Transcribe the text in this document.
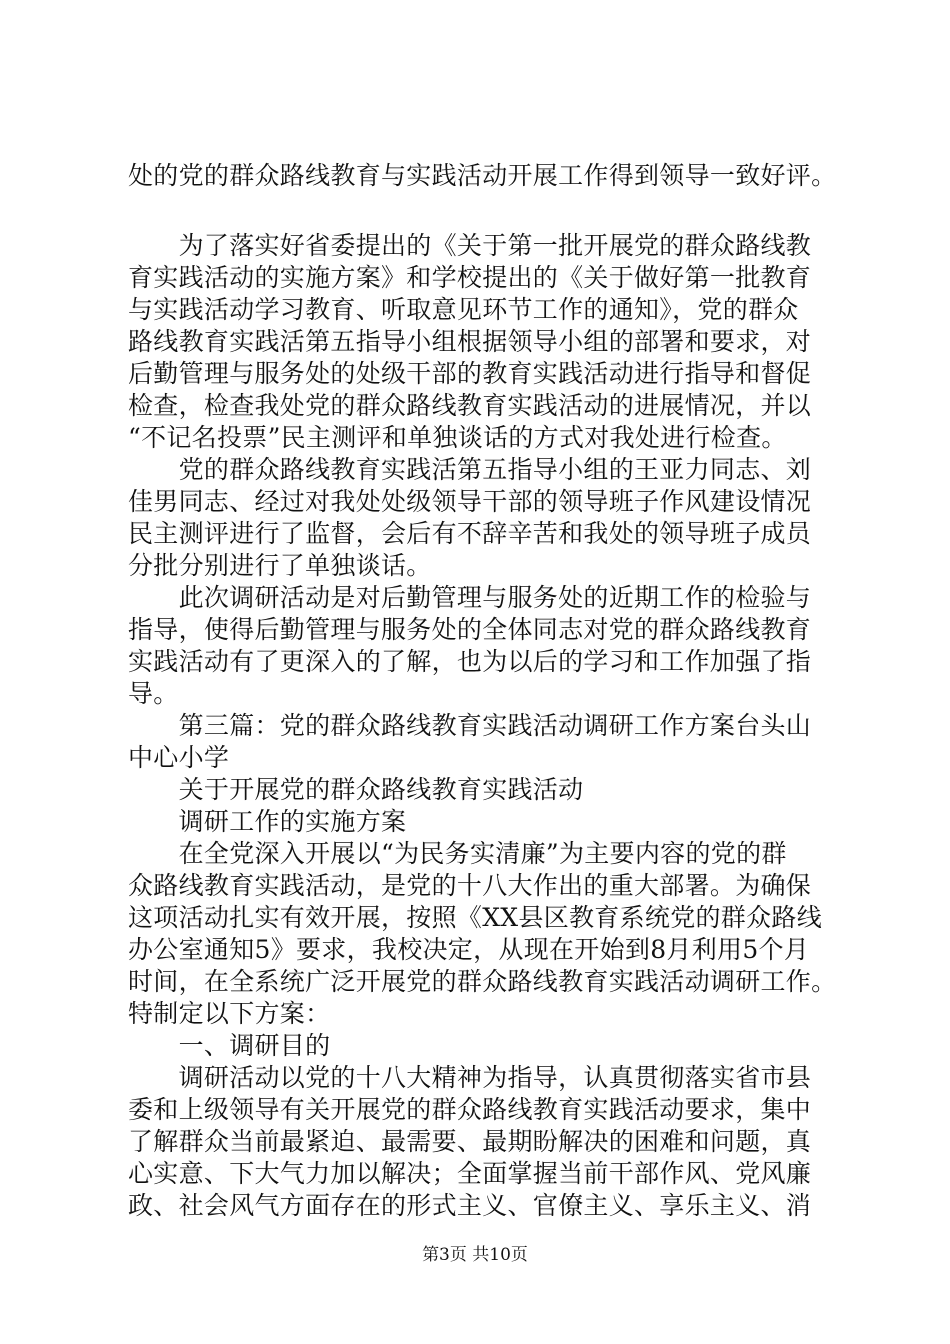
处的党的群众路线教育与实践活动开展工作得到领导一致好评。
　　为了落实好省委提出的《关于第一批开展党的群众路线教
育实践活动的实施方案》和学校提出的《关于做好第一批教育
与实践活动学习教育、听取意见环节工作的通知》，党的群众
路线教育实践活第五指导小组根据领导小组的部署和要求，对
后勤管理与服务处的处级干部的教育实践活动进行指导和督促
检查，检查我处党的群众路线教育实践活动的进展情况，并以
“不记名投票”民主测评和单独谈话的方式对我处进行检查。
　　党的群众路线教育实践活第五指导小组的王亚力同志、刘
佳男同志、经过对我处处级领导干部的领导班子作风建设情况
民主测评进行了监督，会后有不辞辛苦和我处的领导班子成员
分批分别进行了单独谈话。
　　此次调研活动是对后勤管理与服务处的近期工作的检验与
指导，使得后勤管理与服务处的全体同志对党的群众路线教育
实践活动有了更深入的了解，也为以后的学习和工作加强了指
导。
　　第三篇：党的群众路线教育实践活动调研工作方案台头山
中心小学
　　关于开展党的群众路线教育实践活动
　　调研工作的实施方案
　　在全党深入开展以“为民务实清廉”为主要内容的党的群
众路线教育实践活动，是党的十八大作出的重大部署。为确保
这项活动扎实有效开展，按照《XX县区教育系统党的群众路线
办公室通知5》要求，我校决定，从现在开始到8月利用5个月
时间，在全系统广泛开展党的群众路线教育实践活动调研工作。
特制定以下方案：
　　一、调研目的
　　调研活动以党的十八大精神为指导，认真贯彻落实省市县
委和上级领导有关开展党的群众路线教育实践活动要求，集中
了解群众当前最紧迫、最需要、最期盼解决的困难和问题，真
心实意、下大气力加以解决；全面掌握当前干部作风、党风廉
政、社会风气方面存在的形式主义、官僚主义、享乐主义、消
第3页 共10页
